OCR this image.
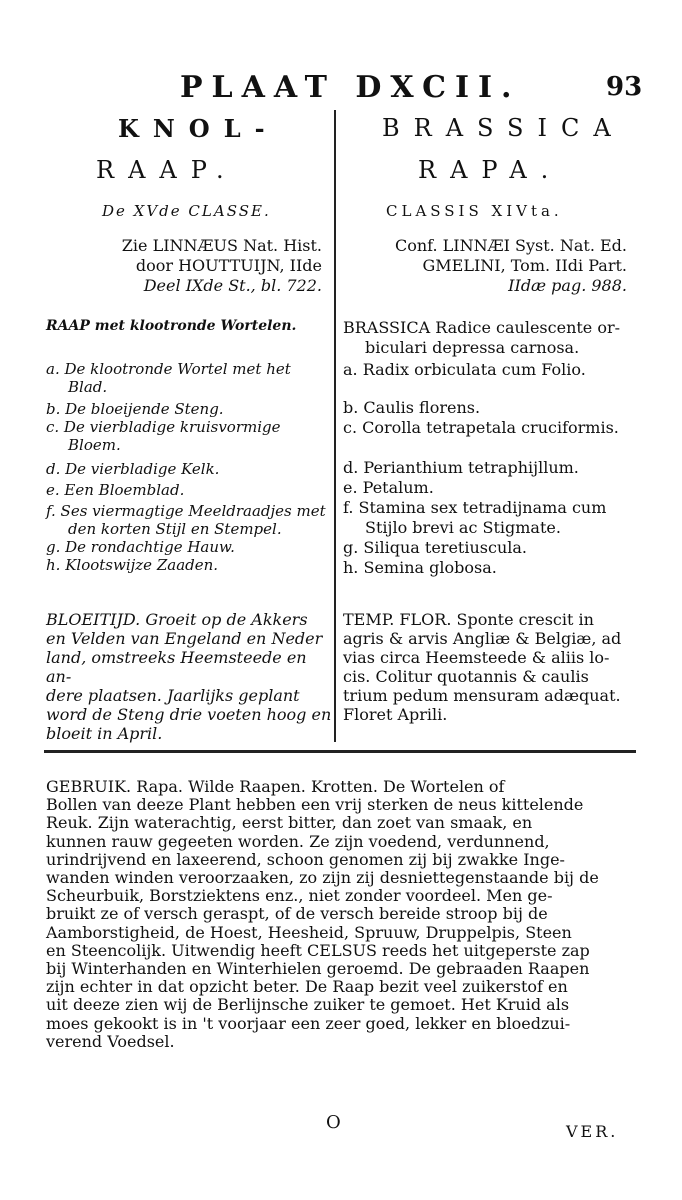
PLAAT DXCII.	93
KNOL-
RAAP.
De XVde CLASSE.
Zie LINNÆUS Nat. Hist.
door HOUTTUIJN, IIde
Deel IXde St., bl. 722.
RAAP met klootronde Wortelen.
a. De klootronde Wortel met het
Blad.
b. De bloeijende Steng.
c. De vierbladige kruisvormige
Bloem.
d. De vierbladige Kelk.
e. Een Bloemblad.
f. Ses viermagtige Meeldraadjes met
den korten Stijl en Stempel.
g. De rondachtige Hauw.
h. Klootswijze Zaaden.
BLOEITIJD. Groeit op de Akkers
en Velden van Engeland en Neder
land, omstreeks Heemsteede en an-
dere plaatsen. Jaarlijks geplant
word de Steng drie voeten hoog en
bloeit in April.
BRASSICA
RAPA.
CLASSIS XIVta.
Conf. LINNÆI Syst. Nat. Ed.
GMELINI, Tom. IIdi Part.
IIdæ pag. 988.
BRASSICA Radice caulescente or-
biculari depressa carnosa.
a. Radix orbiculata cum Folio.
b. Caulis florens.
c. Corolla tetrapetala cruciformis.
d. Perianthium tetraphijllum.
e. Petalum.
f. Stamina sex tetradijnama cum
Stijlo brevi ac Stigmate.
g. Siliqua teretiuscula.
h. Semina globosa.
TEMP. FLOR. Sponte crescit in
agris & arvis Angliæ & Belgiæ, ad
vias circa Heemsteede & aliis lo-
cis. Colitur quotannis & caulis
trium pedum mensuram adæquat.
Floret Aprili.
GEBRUIK. Rapa. Wilde Raapen. Krotten. De Wortelen of
Bollen van deeze Plant hebben een vrij sterken de neus kittelende
Reuk. Zijn waterachtig, eerst bitter, dan zoet van smaak, en
kunnen rauw gegeeten worden. Ze zijn voedend, verdunnend,
urindrijvend en laxeerend, schoon genomen zij bij zwakke Inge-
wanden winden veroorzaaken, zo zijn zij desniettegenstaande bij de
Scheurbuik, Borstziektens enz., niet zonder voordeel. Men ge-
bruikt ze of versch geraspt, of de versch bereide stroop bij de
Aamborstigheid, de Hoest, Heesheid, Spruuw, Druppelpis, Steen
en Steencolijk. Uitwendig heeft CELSUS reeds het uitgeperste zap
bij Winterhanden en Winterhielen geroemd. De gebraaden Raapen
zijn echter in dat opzicht beter. De Raap bezit veel zuikerstof en
uit deeze zien wij de Berlijnsche zuiker te gemoet. Het Kruid als
moes gekookt is in 't voorjaar een zeer goed, lekker en bloedzui-
verend Voedsel.
O	VER.
